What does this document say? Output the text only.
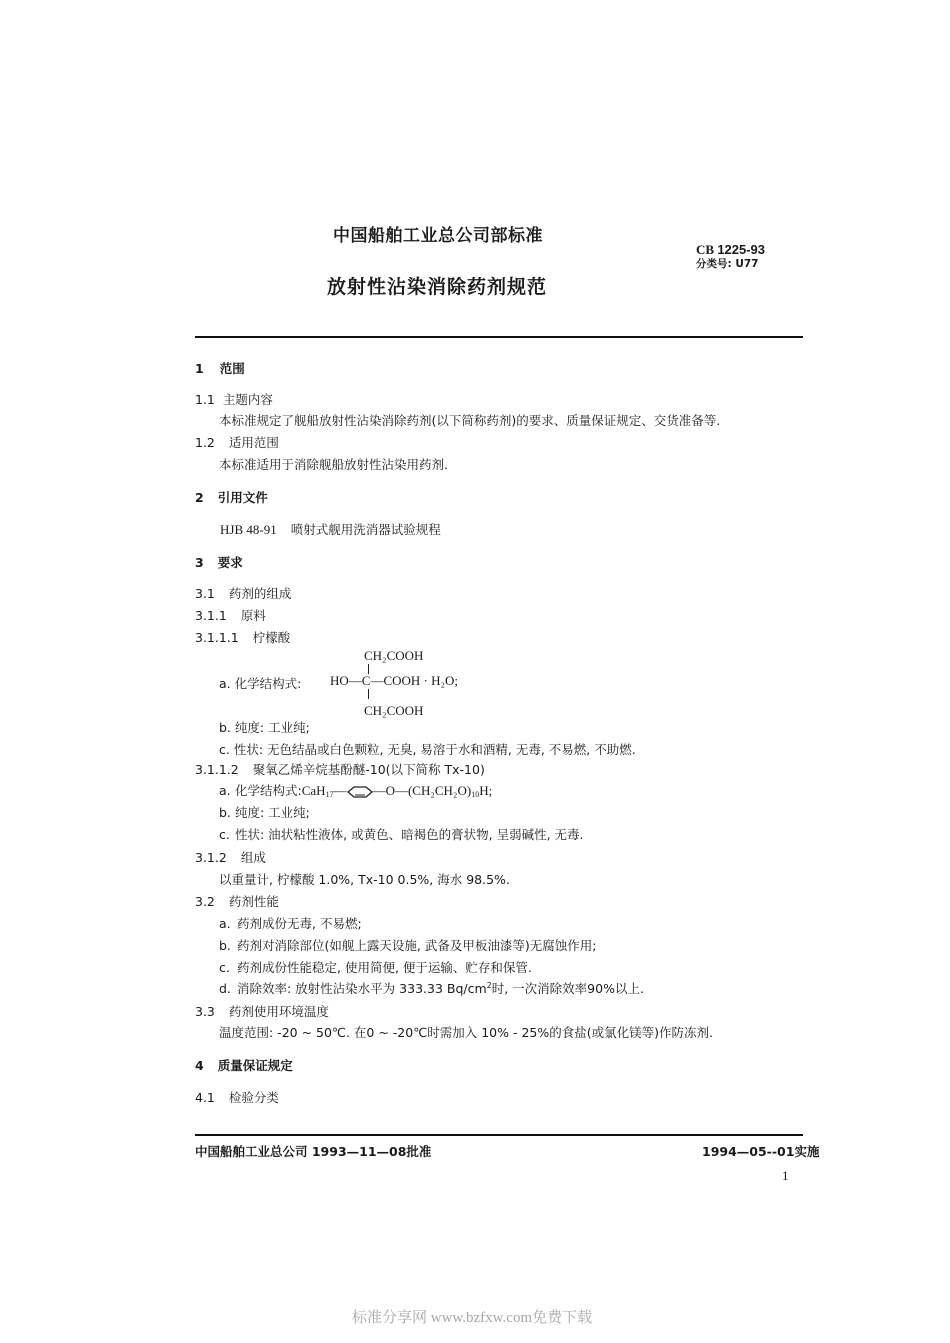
中国船舶工业总公司部标准
CB 1225-93
分类号: U77
放射性沾染消除药剂规范
1 范围
1.1 主题内容
本标准规定了舰船放射性沾染消除药剂(以下简称药剂)的要求、质量保证规定、交货准备等.
1.2 适用范围
本标准适用于消除舰船放射性沾染用药剂.
2 引用文件
HJB 48-91 喷射式舰用洗消器试验规程
3 要求
3.1 药剂的组成
3.1.1 原料
3.1.1.1 柠檬酸
a. 化学结构式:
CH₂COOH
HO—C—COOH · H₂O;
CH₂COOH
b. 纯度: 工业纯;
c. 性状: 无色结晶或白色颗粒, 无臭, 易溶于水和酒精, 无毒, 不易燃, 不助燃.
3.1.1.2 聚氧乙烯辛烷基酚醚-10(以下简称 Tx-10)
a. 化学结构式:CaH$_{17}$— $—O—(CH_2CH_2O)_{10}H$;
b. 纯度: 工业纯;
c. 性状: 油状粘性液体, 或黄色、暗褐色的膏状物, 呈弱碱性, 无毒.
3.1.2 组成
以重量计, 柠檬酸 1.0%, Tx-10 0.5%, 海水 98.5%.
3.2 药剂性能
a. 药剂成份无毒, 不易燃;
b. 药剂对消除部位(如舰上露天设施, 武备及甲板油漆等)无腐蚀作用;
c. 药剂成份性能稳定, 使用简便, 便于运输、贮存和保管.
d. 消除效率: 放射性沾染水平为 333.33 $Bq/cm^2$时, 一次消除效率90%以上.
3.3 药剂使用环境温度
温度范围: -20 ~ 50℃. 在0 ~ -20℃时需加入 10% - 25%的食盐(或氯化镁等)作防冻剂.
4 质量保证规定
4.1 检验分类
中国船舶工业总公司 1993—11—08批准	1994—05--01实施
1
标准分享网 www.bzfxw.com免费下载
